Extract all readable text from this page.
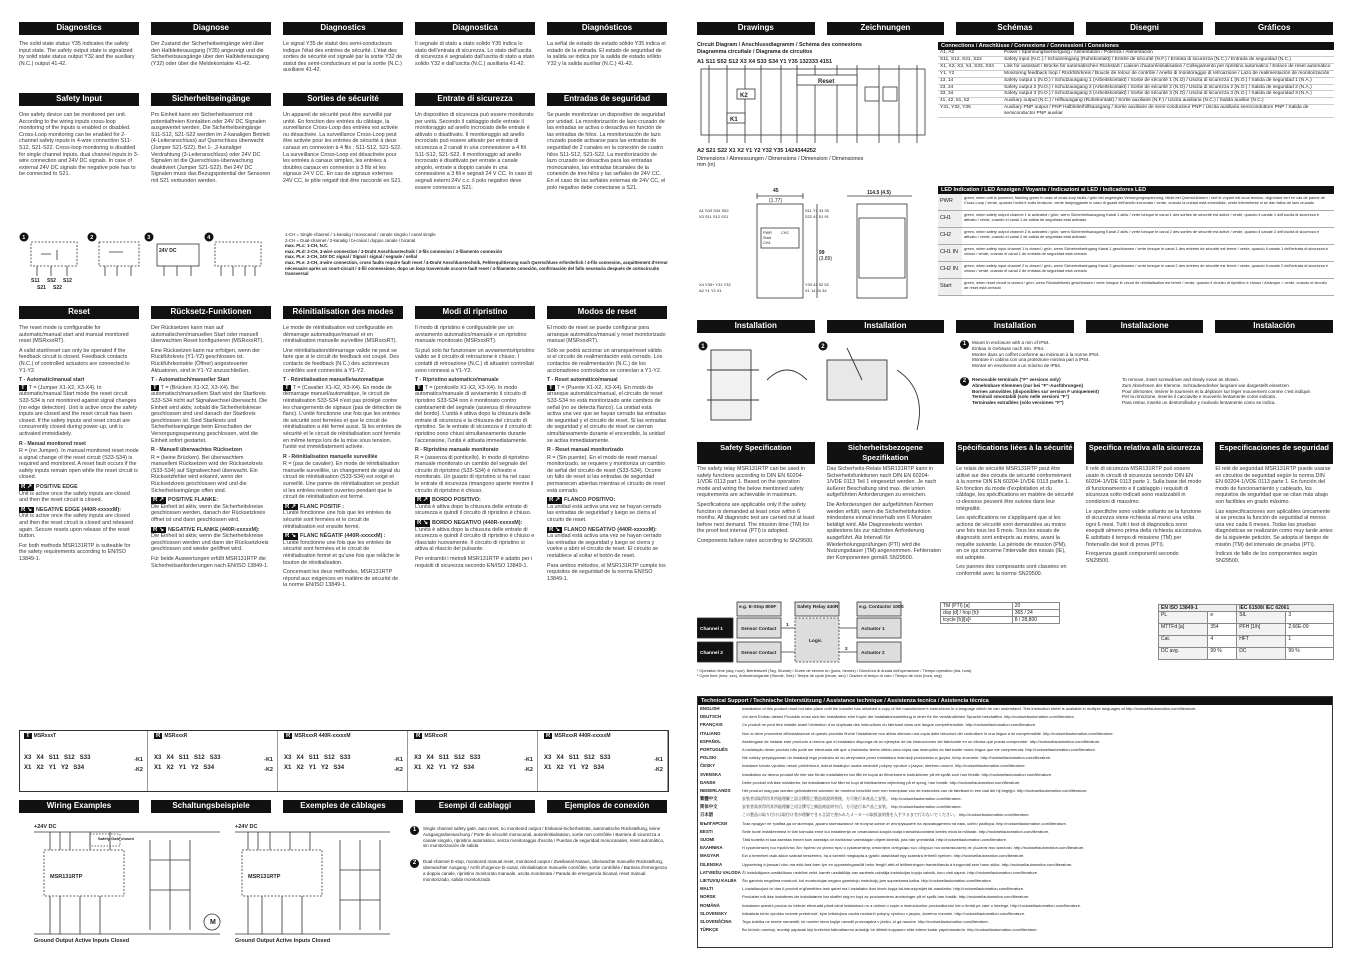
Diagnostics
The solid state status Y35 indicates the safety input state. The safety output state is signalized by solid state status output Y32 and the auxiliary (N.C.) output 41-42.
Diagnose
Der Zustand der Sicherheitseingänge wird über den Halbleiterausgang (Y35) angezeigt und die Sicherheitsausgänge über den Halbleiterausgang (Y32) oder über die Meldekontakte 41-42.
Diagnostics
Le signal Y35 de statut des semi-conducteurs indique l'état des entrées de sécurité. L'état des sorties de sécurité est signalé par la sortie Y32 de statut des semi-conducteurs et par la sortie (N.C.) auxiliaire 41-42.
Diagnostica
Il segnale di stato a stato solido Y35 indica lo stato dell'entrata di sicurezza. Lo stato dell'uscita di sicurezza è segnalato dall'uscita di stato a stato solido Y32 e dall'uscita (N.C.) ausiliaria 41-42.
Diagnósticos
La señal de estado de estado sólido Y35 indica el estado de la entrada. El estado de seguridad de la salida se indica por la salida de estado sólido Y32 y la salida auxiliar (N.C.) 41-42.
Safety Input
One safety device can be monitored per unit. According to the wiring inputs cross-loop monitoring of the inputs is enabled or disabled. Cross-Loop monitoring can be enabled for 2-channel safety inputs in 4-wire connection S11-S12, S21-S22. Cross-loop monitoring is disabled for single channel inputs, dual channel inputs in 3-wire connection and 24V DC signals. In case of external 24V DC signals the negative pole has to be connected to S21.
Sicherheitseingänge
Pro Einheit kann ein Sicherheitssensor mit potentialfreien Kontakten oder 24V DC Signalen ausgewertet werden. Die Sicherheitseingänge S11-S12, S21-S22 werden im 2-kanaligen Betrieb (4-Leiteranschluss) auf Querschluss überwacht (Jumper S21-S22). Bei 1- ,2-kanaliger Verdrahtung (3-Leiteranschluss) oder 24V DC Signalen ist die Querschluss-überwachung deaktiviert (Jumper S21-S22). Bei 24V DC Signalen muss das Bezugspotential der Sensoren mit S21 verbunden werden.
Sorties de sécurité
Un appareil de sécurité peut être surveillé par unité. En fonction des entrées du câblage, la surveillance Cross-Loop des entrées est activée ou désactivée. La surveillance Cross-Loop peut être activée pour les entrées de sécurité à deux canaux en connexion à 4 fils ; S11-S12, S21-S22. La surveillance Cross-Loop est désactivée pour les entrées à canaux simples, les entrées à doubles canaux en connexion à 3 fils et les signaux 24 V CC. En cas de signaux externes 24V CC, le pôle négatif doit être raccordé en S21.
Entrate di sicurezza
Un dispositivo di sicurezza può essere monitorato per unità. Secondo il cablaggio delle entrate il monitoraggio ad anello incrociato delle entrate è attivato o disattivato. Il monitoraggio ad anello incrociato può essere attivato per entrate di sicurezza a 2 canali in una connessione a 4 fili S11-S12, S21-S22. Il monitoraggio ad anello incrociato è disattivato per entrate a canale singolo, entrate a doppio canale in una connessione a 3 fili e segnali 24 V CC. In caso di segnali esterni 24V c.c. il polo negativo deve essere connesso a S21.
Entradas de seguridad
Se puede monitorizar un dispositivo de seguridad por unidad. La monitorización de lazo cruzado de las entradas se activa o desactiva en función de las entradas de hilos. La monitorización de lazo cruzado puede activarse para las entradas de seguridad de 2 canales en la conexión de cuatro hilos S11-S12, S21-S22. La monitorización de lazo cruzado se desactiva para las entradas monocanales, las entradas bicanales de la conexión de tres hilos y las señales de 24V CC. En el caso de las señales externas de 24V CC, el polo negativo debe conectarse a S21.
1	2	3	4
S11 S52 S12
S21 S22
24V DC
1-CH = Single-channel / 1-kanalig / monocanal / canale singolo / canal simple
2-CH = Dual-channel / 2-kanalig / bi-canal / doppio canale / bicanal
max. PLc: 1-CH, N.C.
max. PLd: 2-CH, 3-wire connection / 3-Draht Anschlusstechnik / 3-fils connexion / 3-filamento connexión
max. PLe: 2-CH, 24V DC signal / Signal / signal / segnale / señal
max. PLe: 2-CH, 4-wire connection, cross faults require fault reset / 4-Draht Anschlusstechnik, Fehlerquittierung nach Querschluss erforderlich / 4-fils connexion, acquittement d'erreur nécessaire après un court-circuit / 4-fili connessione, dopo un loop trasversale occorre fault reset / 4-filamento conexión, confirmación del fallo necesaria después de cortocircuito transversal
Reset

The reset mode is configurable for automatic/manual start and manual monitored reset (MSRxxxRT).

A valid start/reset can only be operated if the feedback circuit is closed. Feedback contacts (N.C.) of controlled actuators are connected to Y1-Y2.

T - Automatic/manual start

T T = (Jumper X1-X2, X3-X4). In automatic/manual Start mode the reset circuit S33-S34 is not monitored against signal changes (no edge detection). Unit is active once the safety inputs are closed and the reset circuit has been closed. If the safety inputs and reset circuit are concurrently closed during power-up, unit is activated immediately.

R - Manual monitored reset

R = (no Jumper). In manual monitored reset mode a signal change of the reset circuit (S33-S34) is required and monitored. A reset fault occurs if the safety inputs remain open while the reset circuit is closed.

R ↗ POSITIVE EDGE

Unit is active once the safety inputs are closed and then the reset circuit is closed.

R ↘ NEGATIVE EDGE (440R-xxxxxM):

Unit is active once the safety inputs are closed and then the reset circuit is closed and released again. Secure resets upon release of the reset button.

For both methods MSR131RTP is suiteable for the safety requirements according to EN/ISO 13849-1.

Rücksetz-Funktionen

Der Rücksetzen kann man auf automatischen/manuellen Start oder manuell überwachten Reset konfigurieren (MSRxxxRT).

Eine Rücksetzen kann nur erfolgen, wenn der Rückführkreis (Y1-Y2) geschlossen ist. Rückführkontakte (Öffner) angesteuerter Aktuatoren, sind in Y1-Y2 anzuschließen.

T - Automatisch/manueller Start

T T = (Brücken X1-X2, X3-X4). Bei automatisch/manuellem Start wird der Startkreis S33-S34 nicht auf Signalwechsel überwacht. Die Einheit wird aktiv, sobald die Sicherheitskreise geschlossen sind und danach der Startkreis geschlossen ist. Sind Startkreis und Sicherheitseingänge beim Einschalten der Versorgungsspannung geschlossen, wird die Einheit sofort gestartet.

R - Manuell überwachtes Rücksetzen

R = (keine Brücken). Bei überwachtem manuellem Rücksetzen wird der Rücksetzkreis (S33-S34) auf Signalwechsel überwacht. Ein Rücksetzfehler wird erkannt, wenn der Rücksetzkreis geschlossen wird und die Sicherheitseingänge offen sind.

R ↗ POSITIVE FLANKE:

Die Einheit ist aktiv, wenn die Sicherheitskreise geschlossen werden, danach der Rücksetzkreis öffnet ist und dann geschlossen wird.

R ↘ NEGATIVE FLANKE (440R-xxxxxM):

Die Einheit ist aktiv, wenn die Sicherheitskreise geschlossen werden und dann der Rücksetzkreis geschlossen und wieder geöffnet wird.

Für beide Auswertungen erfüllt MSR131RTP die Sicherheitsanforderungen nach EN/ISO 13849-1.

Réinitialisation des modes

Le mode de réinitialisation est configurable en démarrage automatique/manuel et en réinitialisation manuelle surveillée (MSRxxxRT).

Une réinitialisation/démarrage valide ne peut se faire que si le circuit de feedback est coupé. Des contacts de feedback (N.C.) des actionneurs contrôlés sont connectés à Y1-Y2.

T - Réinitialisation manuelle/automatique

T T = (Cavalier X1-X2, X3-X4). En mode de démarrage manuel/automatique, le circuit de réinitialisation S33-S34 n'est pas protégé contre les changements de signaux (pas de détection de flanc). L'unité fonctionne une fois que les entrées de sécurité sont fermées et que le circuit de réinitialisation a été fermé aussi. Si les entrées de sécurité et le circuit de réinitialisation sont fermés en même temps lors de la mise sous tension, l'unité est immédiatement activée.

R - Réinitialisation manuelle surveillée

R = (pas de cavalier). En mode de réinitialisation manuelle surveillée, un changement de signal du circuit de réinitialisation (S33-S34) est exigé et surveillé. Une panne de réinitialisation se produit si les entrées restent ouvertes pendant que le circuit de réinitialisation est fermé.

R ↗ FLANC POSITIF :

L'unité fonctionne une fois que les entrées de sécurité sont fermées et le circuit de réinitialisation est ensuite fermé.

R ↘ FLANC NÉGATIF (440R-xxxxxM) :

L'unité fonctionne une fois que les entrées de sécurité sont fermées et le circuit de réinitialisation fermé et qu'une fois que relâche le bouton de réinitialisation.

Concernant les deux méthodes, MSR131RTP répond aux exigences en matière de sécurité de la norme EN/ISO 13849-1.

Modi di ripristino

Il modo di ripristino è configurabile per un avviamento automatico/manuale e un ripristino manuale monitorato (MSRxxxRT).

Si può solo far funzionare un avviamento/ripristino valido se il circuito di retroazione è chiuso. I contatti di retroazione (N.C.) di attuatori controllati sono connessi a Y1-Y2.

T - Ripristino automatico/manuale

T T = (ponticello X1-X2, X3-X4). In modo automatico/manuale di avviamento il circuito di ripristino S33-S34 non è monitorato contro cambiamenti del segnale (assenza di rilevazione del bordo). L'unità è attiva dopo la chiusura delle entrate di sicurezza e la chiusura del circuito di ripristino. Se le entrate di sicurezza e il circuito di ripristino sono chiusi simultaneamente durante l'accensione, l'unità è attivata immediatamente.

R - Ripristino manuale monitorato

R = (assenza di ponticello). In modo di ripristino manuale monitorato un cambio del segnale del circuito di ripristino (S33-S34) è richiesto e monitorato. Un guasto di ripristino si ha nel caso le entrate di sicurezza rimangono aperte mentre il circuito di ripristino è chiuso.

R ↗ BORDO POSITIVO:

L'unità è attiva dopo la chiusura delle entrate di sicurezza e quindi il circuito di ripristino è chiuso.

R ↘ BORDO NEGATIVO (440R-xxxxxM):

L'unità è attiva dopo la chiusura delle entrate di sicurezza e quindi il circuito di ripristino è chiuso e rilasciato nuovamente. Il circuito di ripristino si attiva al rilascio del pulsante.

Per entrambi i metodi MSR131RTP è adatto per i requisiti di sicurezza secondo EN/ISO 13849-1.

Modos de reset

El modo de reset se puede configurar para arranque automático/manual y reset monitorizado manual (MSRxxxRT).

Sólo se podrá accionar un arranque/reset válido si el circuito de realimentación está cerrado. Los contactos de realimentación (N.C.) de los accionadores controlados se conectan a Y1-Y2.

T - Reset automático/manual

T T = (Puente X1-X2, X3-X4). En modo de arranque automático/manual, el circuito de reset S33-S34 no está monitorizado ante cambios de señal (no se detecta flanco). La unidad está activa una vez que se hayan cerrado las entradas de seguridad y el circuito de reset. Si las entradas de seguridad y el circuito de reset se cierran simultáneamente durante el encendido, la unidad se activa inmediatamente.

R - Reset manual monitorizado

R = (Sin puente). En el modo de reset manual monitorizado, se requiere y monitoriza un cambio de señal del circuito de reset (S33-S34). Ocurre un fallo de reset si las entradas de seguridad permanecen abiertas mientras el circuito de reset está cerrado.

R ↗ FLANCO POSITIVO:

La unidad está activa una vez se hayan cerrado las entradas de seguridad y luego se cierra el circuito de reset.

R ↘ FLANCO NEGATIVO (440R-xxxxxM):

La unidad está activa una vez se hayan cerrado las entradas de seguridad y luego se cierra y vuelve a abrir el circuito de reset. El circuito se restablece al soltar el botón de reset.

Para ambos métodos, el MSR131RTP cumple los requisitos de seguridad de la norma EN/ISO 13849-1.

T MSRxxxT
X3 X4 S11 S12 S33
X1 X2 Y1 Y2 S34
-K1
-K2
R MSRxxxR
X3 X4 S11 S12 S33
X1 X2 Y1 Y2 S34
-K1
-K2
R MSRxxxR 440R-xxxxxM
X3 X4 S11 S12 S33
X1 X2 Y1 Y2 S34
-K1
-K2
R MSRxxxR
X3 X4 S11 S12 S33
X1 X2 Y1 Y2 S34
-K1
-K2
R MSRxxxR 440R-xxxxxM
X3 X4 S11 S12 S33
X1 X2 Y1 Y2 S34
-K1
-K2
Wiring Examples	Schaltungsbeispiele	Exemples de câblages	Esempi di cablaggi	Ejemplos de conexión
+24V DC	+24V DC
MSR131RTP	MSR131RTP
Ground Output Active Inputs Closed	Ground Output Active Inputs Closed
Safety Gate closed
M
1	Single channel safety gate, auto reset, no monitored output / Einkanal-Sicherheitstür, automatische Rückstellung, keine Ausgangsüberwachung / Porte de sécurité monocanal, autoréinitialisation, sortie non contrôlée / Barriera di sicurezza a canale singolo, ripristino automatico, senza monitoraggio d'uscita / Puertas de seguridad monocanales, reset automático, sin monitorización de salida
2	Dual-channel E-stop, monitored manual reset, monitored output / Zweikanal-Notaus, überwachte manuelle Rückstellung, überwachter Ausgang / Arrêt d'urgence bi-canal, réinitialisation manuelle contrôlée, sortie contrôlée / Barriera d'emergenza a doppio canale, ripristino monitorato manuale, uscita monitorata / Parada de emergencia bicanal, reset manual monitorizado, salida monitorizada
Drawings	Zeichnungen	Schémas	Disegni	Gráficos
Circuit Diagram / Anschlussdiagramm / Schéma des connexions
Diagramma circuitale / Diagrama de circuitos
A1 S11 S52 S12 X3 X4 S33 S34 Y1 Y35 132333 4151
K2
K1
Reset
A2 S21 S22 X1 X2 Y1 Y2 Y32 Y35 1424344252
Dimensions / Abmessungen / Dimensions / Dimensioni / Dimensiones
mm (in)
45
(1.77)
114.5 (4.5)
99
(3.89)
A1 S33 S34 S52
X3 S11 S12 S21
S11 Y1 33 39
S22 41 51 91
X4 Y35+ Y31 Y32
A2 Y1 Y2 X1
Y33 42 52 52
X1 14 24 34
PWR
Start
CH1
CH2
Connections / Anschlüsse / Connexions / Connessioni / Conexiones
A1, A2	Power / Spannungsversorgung / Alimentation / Potenza / Alimentación
S11, S12, S21, S22	Safety input (N.C.) / Schutzeingang (Ruhekontakt) / Entrée de sécurité (N.F.) / Entrata di sicurezza (N.C.) / Entrada de seguridad (N.C.)
X1, X2, X3, X4, S33, S34	Link for autostart / Brücke für automatischen Rückstart / Liaison d'autoréinitialisation / Collegamento per ripristino automatico / Enlace de reset automático
Y1, Y2	Monitoring feedback loop / Rückführkreis / Boucle de retour de contrôle / Anello di monitoraggio di retroazione / Lazo de realimentación de monitorización
13, 14	Safety output 1 (N.O.) / Schutzausgang 1 (Arbeitskontakt) / Sortie de sécurité 1 (N.O) / Uscita di sicurezza 1 (N.O.) / Salida de seguridad 1 (N.A.)
23, 24	Safety output 2 (N.O.) / Schutzausgang 2 (Arbeitskontakt) / Sortie de sécurité 2 (N.O) / Uscita di sicurezza 2 (N.O.) / Salida de seguridad 2 (N.A.)
33, 34	Safety output 3 (N.O.) / Schutzausgang 3 (Arbeitskontakt) / Sortie de sécurité 3 (N.O) / Uscita di sicurezza 3 (N.O.) / Salida de seguridad 3 (N.A.)
41, 42, 51, 52	Auxiliary output (N.C.) / Hilfsausgang (Ruhekontakt) / Sortie auxiliaire (N.F.) / Uscita ausiliaria (N.C.) / Salida auxiliar (N.C.)
Y31, Y32, Y35	Auxiliary PNP output / PNP Halbleiterhilfsausgang / Sortie auxiliaire de semi-conducteur PNP / Uscita ausiliaria semiconduttore PNP / Salida de semiconductor PNP auxiliar
LED Indication / LED Anzeigen / Voyants / Indicazioni ai LED / Indicadores LED
PWR
green, when unit is powered, flashing green in case of cross-loop faults / grün bei angelegter Versorgungsspannung, blinkt bei Querschlüssen / vert le voyant est sous tension, clignotant vert en cas de panne de Cross-Loop / verde, quando l'unità è sotto tensione, verde lampeggiante in caso di guasti dell'anello incrociato / verde, cuando la unidad está encendida, verde intermitente si se dan fallos de lazo cruzado
CH1
green, when safety output channel 1 is activated / grün, wenn Sicherheitsausgang Kanal 1 aktiv / verte lorsque le canal 1 des sorties de sécurité est activé / verde, quando il canale 1 dell'uscita di sicurezza è attivato / verde, cuando el canal 1 de salida de seguridad está activado
CH2
green, when safety output channel 2 is activated / grün, wenn Sicherheitsausgang Kanal 2 aktiv / verte lorsque le canal 2 des sorties de sécurité est activé / verde, quando il canale 2 dell'uscita di sicurezza è attivato / verde, cuando el canal 2 de salida de seguridad está activado
CH1 IN
green, when safety input channel 1 is closed / grün, wenn Sicherheitseingang Kanal 1 geschlossen / verte lorsque le canal 1 des entrées de sécurité est fermé / verde, quando il canale 1 dell'entrata di sicurezza è chiuso / verde, cuando el canal 1 de entrada de seguridad está cerrado
CH2 IN
green, when safety input channel 2 is closed / grün, wenn Sicherheitseingang Kanal 2 geschlossen / verte lorsque le canal 2 des entrées de sécurité est fermé / verde, quando il canale 2 dell'entrata di sicurezza è chiuso / verde, cuando el canal 2 de entrada de seguridad está cerrado
Start
green, when reset circuit is closed / grün, wenn Rückstellkreis geschlossen / verte lorsque le circuit de réinitialisation est fermé / verde, quando il circuito di ripristino è chiuso / Arranque = verde, cuando el circuito de reset está cerrado
Installation	Installation	Installation	Installazione	Instalación
1	2	1	Mount in enclosure with a min of IP54.
Einbau in Gehäuse nach min. IP54.
Monter dans un coffret conforme au minimum à la norme IP54.
Montare in cabina con una protezione minima pari a IP54.
Montar en envolvente a un mínimo de IP54.
2	Removable terminals ("F" versions only)	To remove, insert screwdriver and slowly move as shown.
Abnehmbare Klemmen (nur bei "F"-Ausführungen)	Zum Abnehmen der Klemme, Schraubendreher langsam wie dargestellt einsetzen.
Bornes amovibles (disponibles sur version F uniquement)	Pour démonter, insérer le tournevis et la déplacer sur léger mouvement comme c'est indiqué.
Terminali smontabili (solo nelle versioni "F")	Per la rimozione, inserire il cacciavite e muoverlo lentamente come indicato.
Terminales extraíbles (sólo versiones "F")	Para retirar, inserte un destornillador y muévalo lentamente como se indica.
Safety Specification	Sicherheitsbezogene Spezifikation
Spécifications liées à la sécurité	Specifica relativa alla sicurezza	Especificaciones de seguridad

The safety relay MSR131RTP can be used in safety functions according to DIN EN 60204-1/VDE 0113 part 1. Based on the operation mode and wiring the below mentioned safety requirements are achievable in maximum.

Specifications are applicable only if the safety function is demanded at least once within 6 months. All diagnostic test are carried out at least before next demand. The mission time (TM) for the proof test interval (PTI) is adopted.

Components failure rates according to SN29500.

Das Sicherheits-Relais MSR131RTP kann in Sicherheitsfunktionen nach DIN EN 60204-1/VDE 0113 Teil 1 eingesetzt werden. Je nach äußerer Beschaltung sind max. die unten aufgeführten Anforderungen zu erreichen.

Die Anforderungen der aufgeführten Normen werden erfüllt, wenn die Sicherheitsfunktion mindestens einmal innerhalb von 6 Monaten betätigt wird. Alle Diagnosetests werden spätestens bis zur nächsten Anforderung ausgeführt. Als Intervall für Wiederholungsprüfungen (PTI) wird die Nutzungsdauer (TM) angenommen. Fehlerraten der Komponenten gemäß SN29500.

Le relais de sécurité MSR131RTP peut être utilisé sur des circuits de sécurité conformément à la norme DIN EN 60204-1/VDE 0113 partie 1. En fonction du mode d'exploitation et du câblage, les spécifications en matière de sécurité ci-dessous peuvent être suivies dans leur intégralité.

Les spécifications ne s'appliquent que si les actions de sécurité sont demandées au moins une fois tous les 6 mois. Tous les essais de diagnostic sont entrepris au moins, avant la requête suivante. La période de mission (PM), en ce qui concerne l'intervalle des essais (IE), est adoptée.

Les pannes des composants sont classées en conformité avec la norme SN29500.

Il relè di sicurezza MSR131RTP può essere usato in circuiti di sicurezza secondo DIN EN 60204-1/VDE 0113 parte 1. Sulla base del modo di funzionamento e il cablaggio i requisiti di sicurezza sotto indicati sono realizzabili in condizioni di massimo.

Le specifiche sono valide soltanto se la funzione di sicurezza viene richiesta al meno una volta ogni 6 mesi. Tutti i test di diagnostica sono eseguiti almeno prima della richiesta successiva. È adottato il tempo di missione (TM) per l'intervallo dei test di prova (PTI).

Frequenza guasti componenti secondo SN29500.

El relé de seguridad MSR131RTP puede usarse en circuitos de seguridad según la norma DIN EN 60204-1/VDE 0113 parte 1. En función del modo de funcionamiento y cableado, los requisitos de seguridad que se citan más abajo son factibles en grado máximo.

Las especificaciones son aplicables únicamente si se precisa la función de seguridad al menos una vez cada 6 meses. Todas las pruebas diagnósticas se realizarán como muy tarde antes de la siguiente petición. Se adopta el tiempo de misión (TM) del intervalo de prueba (PTI).

Índices de fallo de los componentes según SN29500.

e.g. E-Stop 800F	Safety Relay 440R	e.g. Contactor 100S
Channel 1
Channel 2
Sensor Contact
Sensor Contact
Logic
Actuator 1
Actuator 2
1
2
TM (PTI) [a]	20
dop [d] / hop [h]¹	365 / 24
tcycle [h]/[s]²	8 / 28,800
¹ Operation time (day, hour), Betriebszeit (Tag, Stunde) / Durée de service en (jours, heures) / Giorni/ora di durata dell'operazione / Tiempo operativo (día, hora)
² Cycle time (hour, sec), Anforderungsrate (Stunde, Sek) / Temps de cycle (heure, sec) / Ora/sec di tempo di ciclo / Tiempo de ciclo (hora, seg)
EN ISO 13849-1		IEC 61508/ IEC 62061	
PL	e	SIL	3
MTTFd [a]	354	PFH [1/h]	2,66E-09
Cat.	4	HFT	1
DC avg.	99 %	DC	99 %
Technical Support / Technische Unterstützung / Assistance technique / Assistenza tecnica / Asistencia técnica
ENGLISH
DEUTSCH
FRANÇAIS
ITALIANO
ESPAÑOL
PORTUGUÊS
POLSKI
ČESKY
SVENSKA
DANSK
NEDERLANDS
繁體中文
简体中文
日本語
БЪЛГАРСКИ
EESTI
SUOMI
ΕΛΛΗΝΙΚΑ
MAGYAR
ÍSLENSKA
LATVIEŠU VALODA
LIETUVIŲ KALBA
MALTI
NORSK
ROMÂNĂ
SLOVENSKY
SLOVENŠČINA
TÜRKÇE
Installation of this product must not take place until the installer has obtained a copy of the manufacturer's instructions in a language which he can understand. This instruction sheet is available in multiple languages at http://rockwellautomation.com/literature.
Vor dem Einbau dieses Produkts muss sich der Installateur eine Kopie der Installationsanleitung in einer für ihn verständlichen Sprache beschaffen. http://rockwellautomation.com/literature.
Ce produit ne peut être installé avant l'obtention d'un duplicata des instructions du fabricant dans une langue compréhensible. http://rockwellautomation.com/literature.
Non si deve procedere all'installazione di questo prodotto finché l'installatore non abbia ottenuto una copia delle istruzioni del costruttore in una lingua a lui comprensibile. http://rockwellautomation.com/literature.
Absténgase de instalar este producto a menos que el instalador disponga de un ejemplar de las instrucciones del fabricante en un idioma que pueda comprender. http://rockwellautomation.com/literature.
A instalação deste produto não pode ser efectuada até que o instalador tenha obtido uma cópia das instruções do fabricante numa língua que ele compreenda. http://rockwellautomation.com/literature.
Nie należy przystępować do instalacji tego produktu aż do otrzymania przez instalatora instrukcji producenta w języku, który zrozumie. http://rockwellautomation.com/literature.
Instalace tohoto výrobku nesmí proběhnout, dokud instalující osoba neobdrží pokyny výrobce v jazyce, kterému rozumí. http://rockwellautomation.com/literature.
Installation av denna produkt får inte ske förrän installatören har fått en kopia av tillverkarens instruktioner på ett språk som han förstår. http://rockwellautomation.com/literature.
Dette produkt må ikke installeres, før installatøren har fået en kopi af fabrikantens vejledning på et sprog, han forstår. http://rockwellautomation.com/literature.
Het product mag pas worden geïnstalleerd wanneer de monteur beschikt over een exemplaar van de instructies van de fabrikant in een taal die hij begrijpt. http://rockwellautomation.com/literature.
安裝者須取得用其所能理解之語言撰寫之製造商說明書後，方可進行本產品之安裝。 http://rockwellautomation.com/literature.
安装者需获得用其所能理解之语言撰写之制造商说明书后，方可进行本产品之安装。 http://rockwellautomation.com/literature.
この製品の取り付けは取付け者が理解できる言語で書かれたメーカーの取扱説明書を入手するまで行わないでください。 http://rockwellautomation.com/literature.
Този продукт не трябва да се монтира, докато монтажникът не получи копие от инструкциите на производителя на език, който разбира. http://rockwellautomation.com/literature.
Selle toote installeerimist ei tohi toimuda enne kui installeerija on omandanud koopia tootja instruktsioonidest keeles mida ta mõistab. http://rockwellautomation.com/literature.
Tätä tuotetta ei saa asentaa ennen kuin asentaja on hankkinut valmistajan ohjeet kielellä, jota hän ymmärtää. http://rockwellautomation.com/literature.
Η εγκατάσταση του προϊόντος δεν πρέπει να γίνεται πριν ο εγκαταστάτης αποκτήσει αντίγραφο των οδηγιών του κατασκευαστή σε γλώσσα που κατανοεί. http://rockwellautomation.com/literature.
Ezt a terméket csak akkor szabad beszerelni, ha a szerelő megkapta a gyártó utasításait egy számára érthető nyelven. http://rockwellautomation.com/literature.
Uppsetning á þessari vöru má ekki fara fram fyrr en uppsetningaraðili hefur fengið afrit af leiðbeiningum framleiðanda á tungumáli sem hann skilur. http://rockwellautomation.com/literature.
Šī izstrādājuma uzstādīšanu nedrīkst veikt, kamēr uzstādītājs nav saņēmis ražotāja instrukcijas kopiju valodā, kuru viņš saprot. http://rockwellautomation.com/literature.
Šio gaminio negalima montuoti, kol montuotojas negavo gamintojo instrukcijų jam suprantama kalba. http://rockwellautomation.com/literature.
L-installazzjoni ta' dan il-prodott m'għandhiex issir qabel ma l-installatur ikun kiseb kopja tal-istruzzjonijiet tal-manifattur. http://rockwellautomation.com/literature.
Produktet må ikke installeres før installatøren har skaffet seg en kopi av produsentens anvisninger på et språk han forstår. http://rockwellautomation.com/literature.
Instalarea acestui produs nu trebuie efectuată până când instalatorul nu a obținut o copie a instrucțiunilor producătorului într-o limbă pe care o înțelege. http://rockwellautomation.com/literature.
Inštalácia tohto výrobku nesmie prebehnúť, kým inštalujúca osoba neobdrží pokyny výrobcu v jazyku, ktorému rozumie. http://rockwellautomation.com/literature.
Tega izdelka ne smete namestiti, če monter nima kopije navodil proizvajalca v jeziku, ki ga razume. http://rockwellautomation.com/literature.
Bu ürünün montajı, montajı yapacak kişi üreticinin talimatlarının anladığı bir dildeki kopyasını elde edene kadar yapılmamalıdır. http://rockwellautomation.com/literature.
